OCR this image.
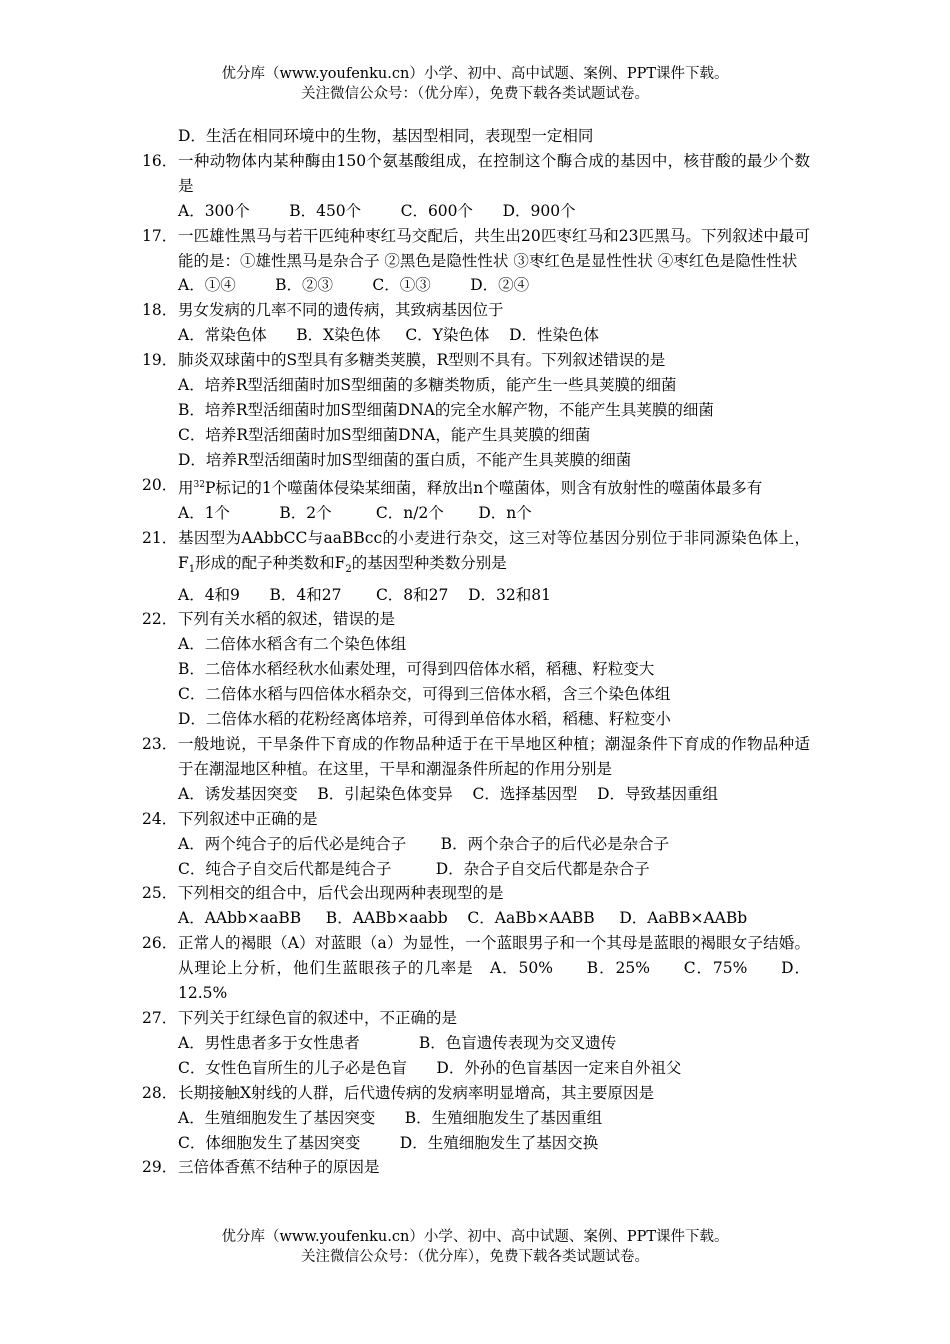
优分库（www.youfenku.cn）小学、初中、高中试题、案例、PPT课件下载。
关注微信公众号：（优分库），免费下载各类试题试卷。
D．生活在相同环境中的生物，基因型相同，表现型一定相同
16． 一种动物体内某种酶由150个氨基酸组成，在控制这个酶合成的基因中，核苷酸的最少个数是
A．300个        B．450个        C．600个      D．900个
17． 一匹雄性黑马与若干匹纯种枣红马交配后，共生出20匹枣红马和23匹黑马。下列叙述中最可能的是：①雄性黑马是杂合子 ②黑色是隐性性状 ③枣红色是显性性状 ④枣红色是隐性性状
A．①④        B．②③        C．①③        D．②④
18． 男女发病的几率不同的遗传病，其致病基因位于
A．常染色体      B．X染色体     C．Y染色体    D．性染色体
19． 肺炎双球菌中的S型具有多糖类荚膜，R型则不具有。下列叙述错误的是
A．培养R型活细菌时加S型细菌的多糖类物质，能产生一些具荚膜的细菌
B．培养R型活细菌时加S型细菌DNA的完全水解产物，不能产生具荚膜的细菌
C．培养R型活细菌时加S型细菌DNA，能产生具荚膜的细菌
D．培养R型活细菌时加S型细菌的蛋白质，不能产生具荚膜的细菌
20． 用$^{32}$P标记的1个噬菌体侵染某细菌，释放出n个噬菌体，则含有放射性的噬菌体最多有
A．1个          B．2个         C．n/2个       D．n个
21． 基因型为AAbbCC与aaBBcc的小麦进行杂交，这三对等位基因分别位于非同源染色体上，$F_1$形成的配子种类数和$F_2$的基因型种类数分别是
A．4和9      B．4和27       C．8和27    D．32和81
22． 下列有关水稻的叙述，错误的是
A．二倍体水稻含有二个染色体组
B．二倍体水稻经秋水仙素处理，可得到四倍体水稻，稻穗、籽粒变大
C．二倍体水稻与四倍体水稻杂交，可得到三倍体水稻，含三个染色体组
D．二倍体水稻的花粉经离体培养，可得到单倍体水稻，稻穗、籽粒变小
23． 一般地说，干旱条件下育成的作物品种适于在干旱地区种植；潮湿条件下育成的作物品种适于在潮湿地区种植。在这里，干旱和潮湿条件所起的作用分别是
A．诱发基因突变    B．引起染色体变异    C．选择基因型    D．导致基因重组
24． 下列叙述中正确的是
A．两个纯合子的后代必是纯合子       B．两个杂合子的后代必是杂合子
C．纯合子自交后代都是纯合子         D．杂合子自交后代都是杂合子
25． 下列相交的组合中，后代会出现两种表现型的是
A．AAbb×aaBB     B．AABb×aabb    C．AaBb×AABB     D．AaBB×AABb
26． 正常人的褐眼（A）对蓝眼（a）为显性，一个蓝眼男子和一个其母是蓝眼的褐眼女子结婚。从理论上分析，他们生蓝眼孩子的几率是　A．50%　　B．25%　　C．75%　　D．12.5%
27． 下列关于红绿色盲的叙述中，不正确的是
A．男性患者多于女性患者            B．色盲遗传表现为交叉遗传
C．女性色盲所生的儿子必是色盲      D．外孙的色盲基因一定来自外祖父
28． 长期接触X射线的人群，后代遗传病的发病率明显增高，其主要原因是
A．生殖细胞发生了基因突变      B．生殖细胞发生了基因重组
C．体细胞发生了基因突变        D．生殖细胞发生了基因交换
29． 三倍体香蕉不结种子的原因是
优分库（www.youfenku.cn）小学、初中、高中试题、案例、PPT课件下载。
关注微信公众号：（优分库），免费下载各类试题试卷。
